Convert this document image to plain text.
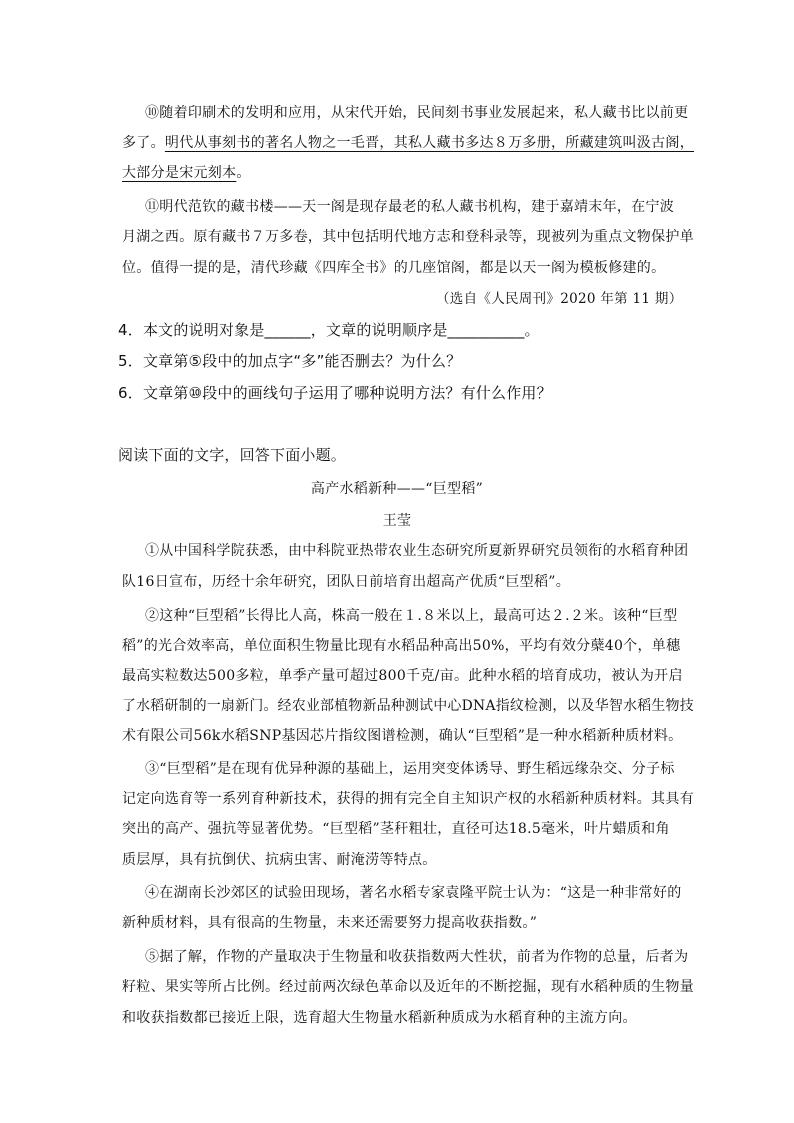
⑩随着印刷术的发明和应用，从宋代开始，民间刻书事业发展起来，私人藏书比以前更
多了。明代从事刻书的著名人物之一毛晋，其私人藏书多达８万多册，所藏建筑叫汲古阁，
大部分是宋元刻本。
⑪明代范钦的藏书楼——天一阁是现存最老的私人藏书机构，建于嘉靖末年，在宁波
月湖之西。原有藏书７万多卷，其中包括明代地方志和登科录等，现被列为重点文物保护单
位。值得一提的是，清代珍藏《四库全书》的几座馆阁，都是以天一阁为模板修建的。
（选自《人民周刊》2020 年第 11 期）
4．本文的说明对象是______，文章的说明顺序是__________。
5．文章第⑤段中的加点字“多”能否删去？为什么？
6．文章第⑩段中的画线句子运用了哪种说明方法？有什么作用？
阅读下面的文字，回答下面小题。
高产水稻新种——“巨型稻”
王莹
①从中国科学院获悉，由中科院亚热带农业生态研究所夏新界研究员领衔的水稻育种团
队16日宣布，历经十余年研究，团队日前培育出超高产优质“巨型稻”。
②这种“巨型稻”长得比人高，株高一般在１.８米以上，最高可达２.２米。该种“巨型
稻”的光合效率高，单位面积生物量比现有水稻品种高出50%，平均有效分蘖40个，单穗
最高实粒数达500多粒，单季产量可超过800千克/亩。此种水稻的培育成功，被认为开启
了水稻研制的一扇新门。经农业部植物新品种测试中心DNA指纹检测，以及华智水稻生物技
术有限公司56k水稻SNP基因芯片指纹图谱检测，确认“巨型稻”是一种水稻新种质材料。
③“巨型稻”是在现有优异种源的基础上，运用突变体诱导、野生稻远缘杂交、分子标
记定向选育等一系列育种新技术，获得的拥有完全自主知识产权的水稻新种质材料。其具有
突出的高产、强抗等显著优势。“巨型稻”茎秆粗壮，直径可达18.5毫米，叶片蜡质和角
质层厚，具有抗倒伏、抗病虫害、耐淹涝等特点。
④在湖南长沙郊区的试验田现场，著名水稻专家袁隆平院士认为：“这是一种非常好的
新种质材料，具有很高的生物量，未来还需要努力提高收获指数。”
⑤据了解，作物的产量取决于生物量和收获指数两大性状，前者为作物的总量，后者为
籽粒、果实等所占比例。经过前两次绿色革命以及近年的不断挖掘，现有水稻种质的生物量
和收获指数都已接近上限，选育超大生物量水稻新种质成为水稻育种的主流方向。
